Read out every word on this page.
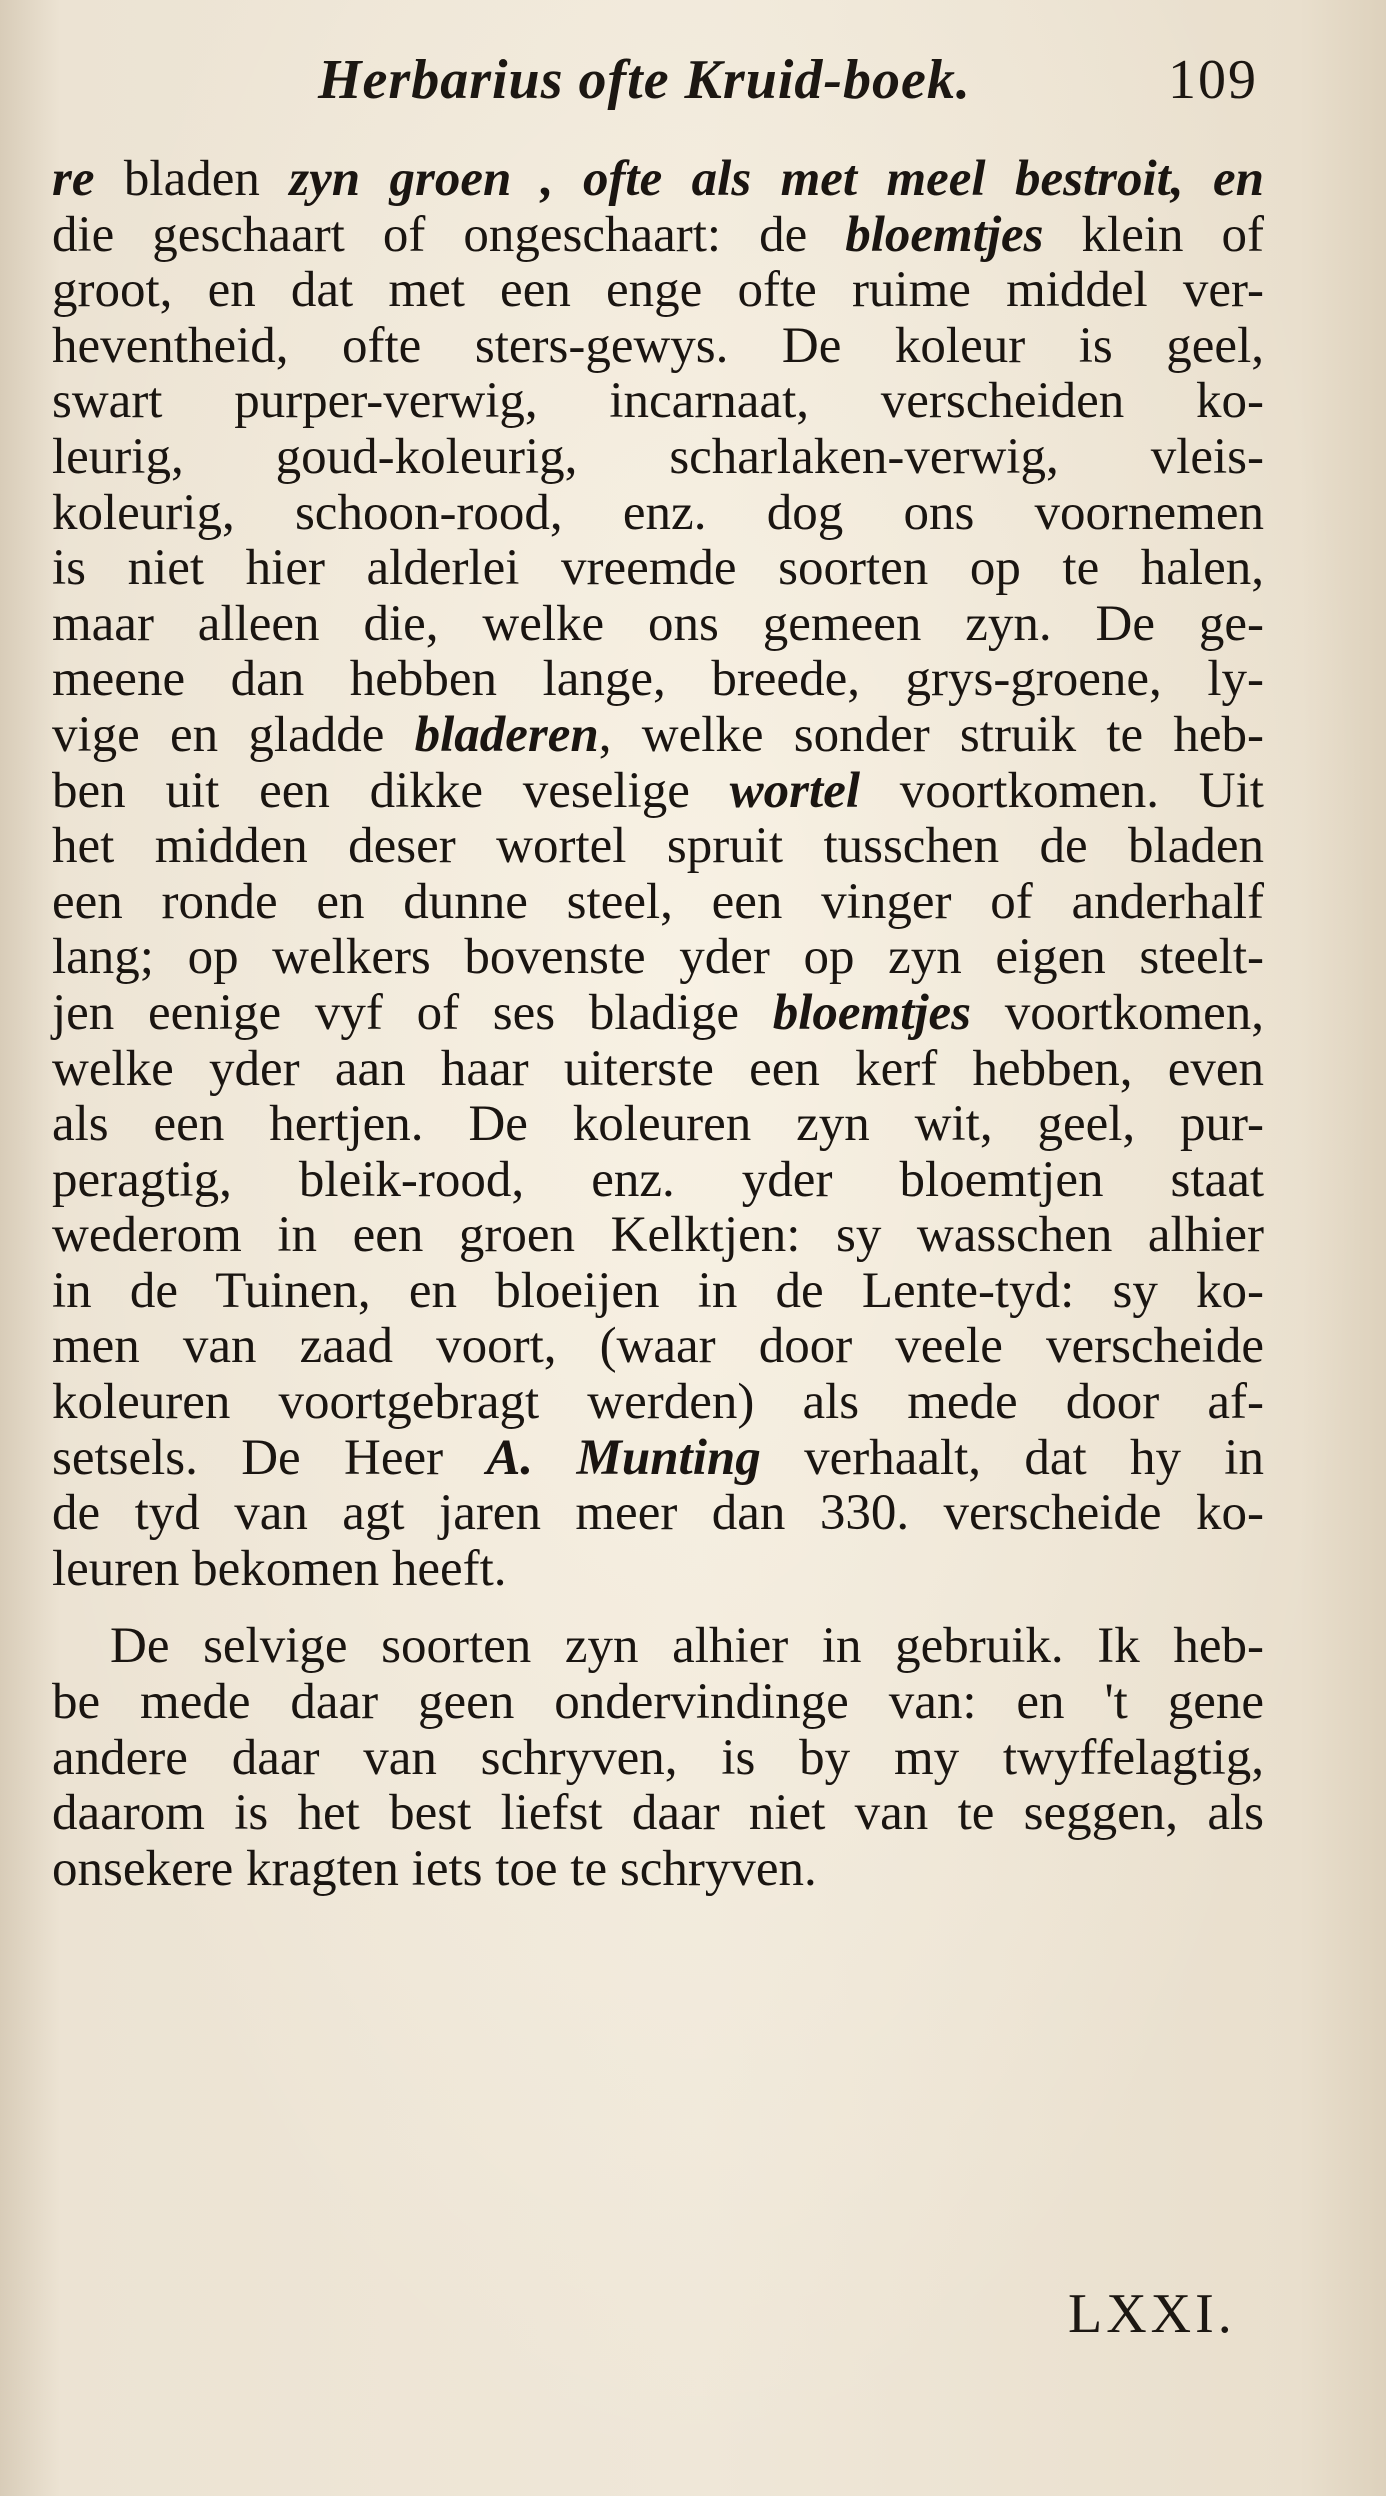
Herbarius ofte Kruid-boek.	109
re bladen zyn groen , ofte als met meel bestroit, en
die geschaart of ongeschaart: de bloemtjes klein of
groot, en dat met een enge ofte ruime middel ver-
heventheid, ofte sters-gewys. De koleur is geel,
swart purper-verwig, incarnaat, verscheiden ko-
leurig, goud-koleurig, scharlaken-verwig, vleis-
koleurig, schoon-rood, enz. dog ons voornemen
is niet hier alderlei vreemde soorten op te halen,
maar alleen die, welke ons gemeen zyn. De ge-
meene dan hebben lange, breede, grys-groene, ly-
vige en gladde bladeren, welke sonder struik te heb-
ben uit een dikke veselige wortel voortkomen. Uit
het midden deser wortel spruit tusschen de bladen
een ronde en dunne steel, een vinger of anderhalf
lang; op welkers bovenste yder op zyn eigen steelt-
jen eenige vyf of ses bladige bloemtjes voortkomen,
welke yder aan haar uiterste een kerf hebben, even
als een hertjen. De koleuren zyn wit, geel, pur-
peragtig, bleik-rood, enz. yder bloemtjen staat
wederom in een groen Kelktjen: sy wasschen alhier
in de Tuinen, en bloeijen in de Lente-tyd: sy ko-
men van zaad voort, (waar door veele verscheide
koleuren voortgebragt werden) als mede door af-
setsels. De Heer A. Munting verhaalt, dat hy in
de tyd van agt jaren meer dan 330. verscheide ko-
leuren bekomen heeft.
De selvige soorten zyn alhier in gebruik. Ik heb-
be mede daar geen ondervindinge van: en 't gene
andere daar van schryven, is by my twyffelagtig,
daarom is het best liefst daar niet van te seggen, als
onsekere kragten iets toe te schryven.
LXXI.
